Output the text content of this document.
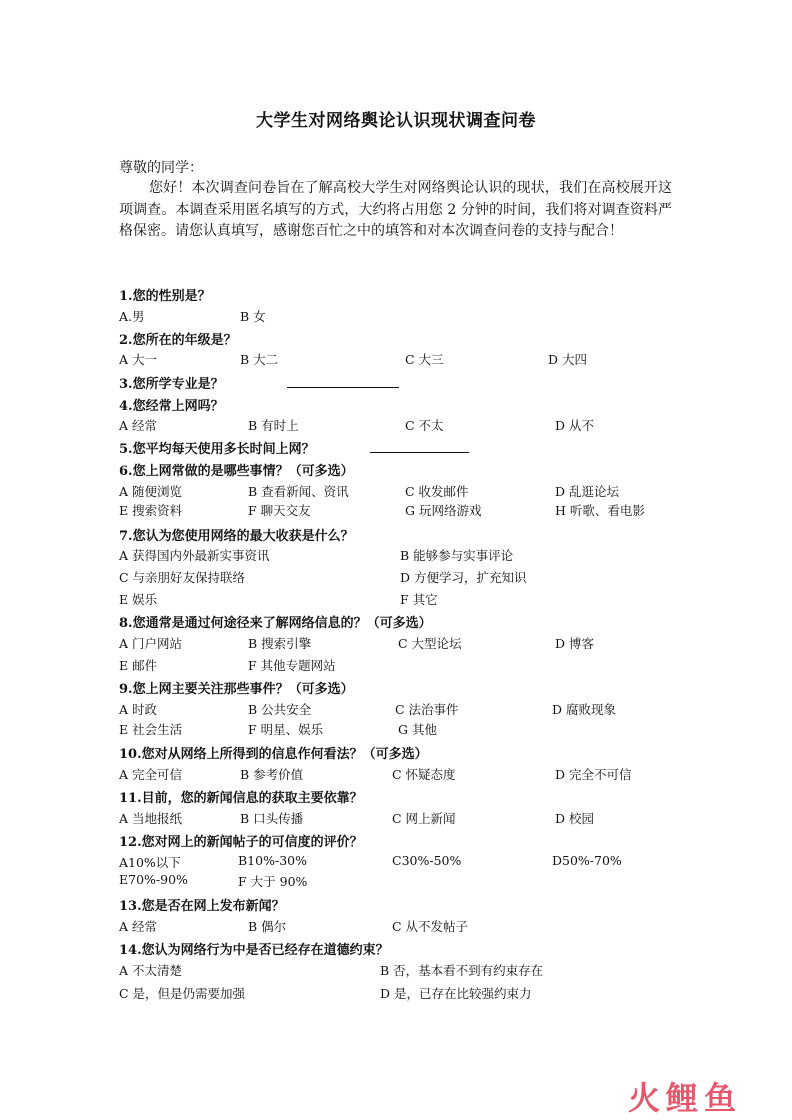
大学生对网络舆论认识现状调查问卷
尊敬的同学：
您好！本次调查问卷旨在了解高校大学生对网络舆论认识的现状，我们在高校展开这项调查。本调查采用匿名填写的方式，大约将占用您 2 分钟的时间，我们将对调查资料严格保密。请您认真填写，感谢您百忙之中的填答和对本次调查问卷的支持与配合！
1.您的性别是？
A.男	B 女
2.您所在的年级是？
A 大一	B 大二	C 大三	D 大四
3.您所学专业是？
4.您经常上网吗？
A 经常	B 有时上	C 不太	D 从不
5.您平均每天使用多长时间上网？
6.您上网常做的是哪些事情？（可多选）
A 随便浏览	B 查看新闻、资讯	C 收发邮件	D 乱逛论坛
E 搜索资料	F 聊天交友	G 玩网络游戏	H 听歌、看电影
7.您认为您使用网络的最大收获是什么？
A 获得国内外最新实事资讯	B 能够参与实事评论
C 与亲朋好友保持联络	D 方便学习，扩充知识
E 娱乐	F 其它
8.您通常是通过何途径来了解网络信息的？（可多选）
A 门户网站	B 搜索引擎	C 大型论坛	D 博客
E 邮件	F 其他专题网站
9.您上网主要关注那些事件？（可多选）
A 时政	B 公共安全	C 法治事件	D 腐败现象
E 社会生活	F 明星、娱乐	G 其他
10.您对从网络上所得到的信息作何看法？（可多选）
A 完全可信	B 参考价值	C 怀疑态度	D 完全不可信
11.目前，您的新闻信息的获取主要依靠？
A 当地报纸	B 口头传播	C 网上新闻	D 校园
12.您对网上的新闻帖子的可信度的评价？
A10%以下	B10%-30%	C30%-50%	D50%-70%
E70%-90%	F 大于 90%
13.您是否在网上发布新闻？
A 经常	B 偶尔	C 从不发帖子
14.您认为网络行为中是否已经存在道德约束？
A 不太清楚	B 否，基本看不到有约束存在
C 是，但是仍需要加强	D 是，已存在比较强约束力
火鲤鱼
